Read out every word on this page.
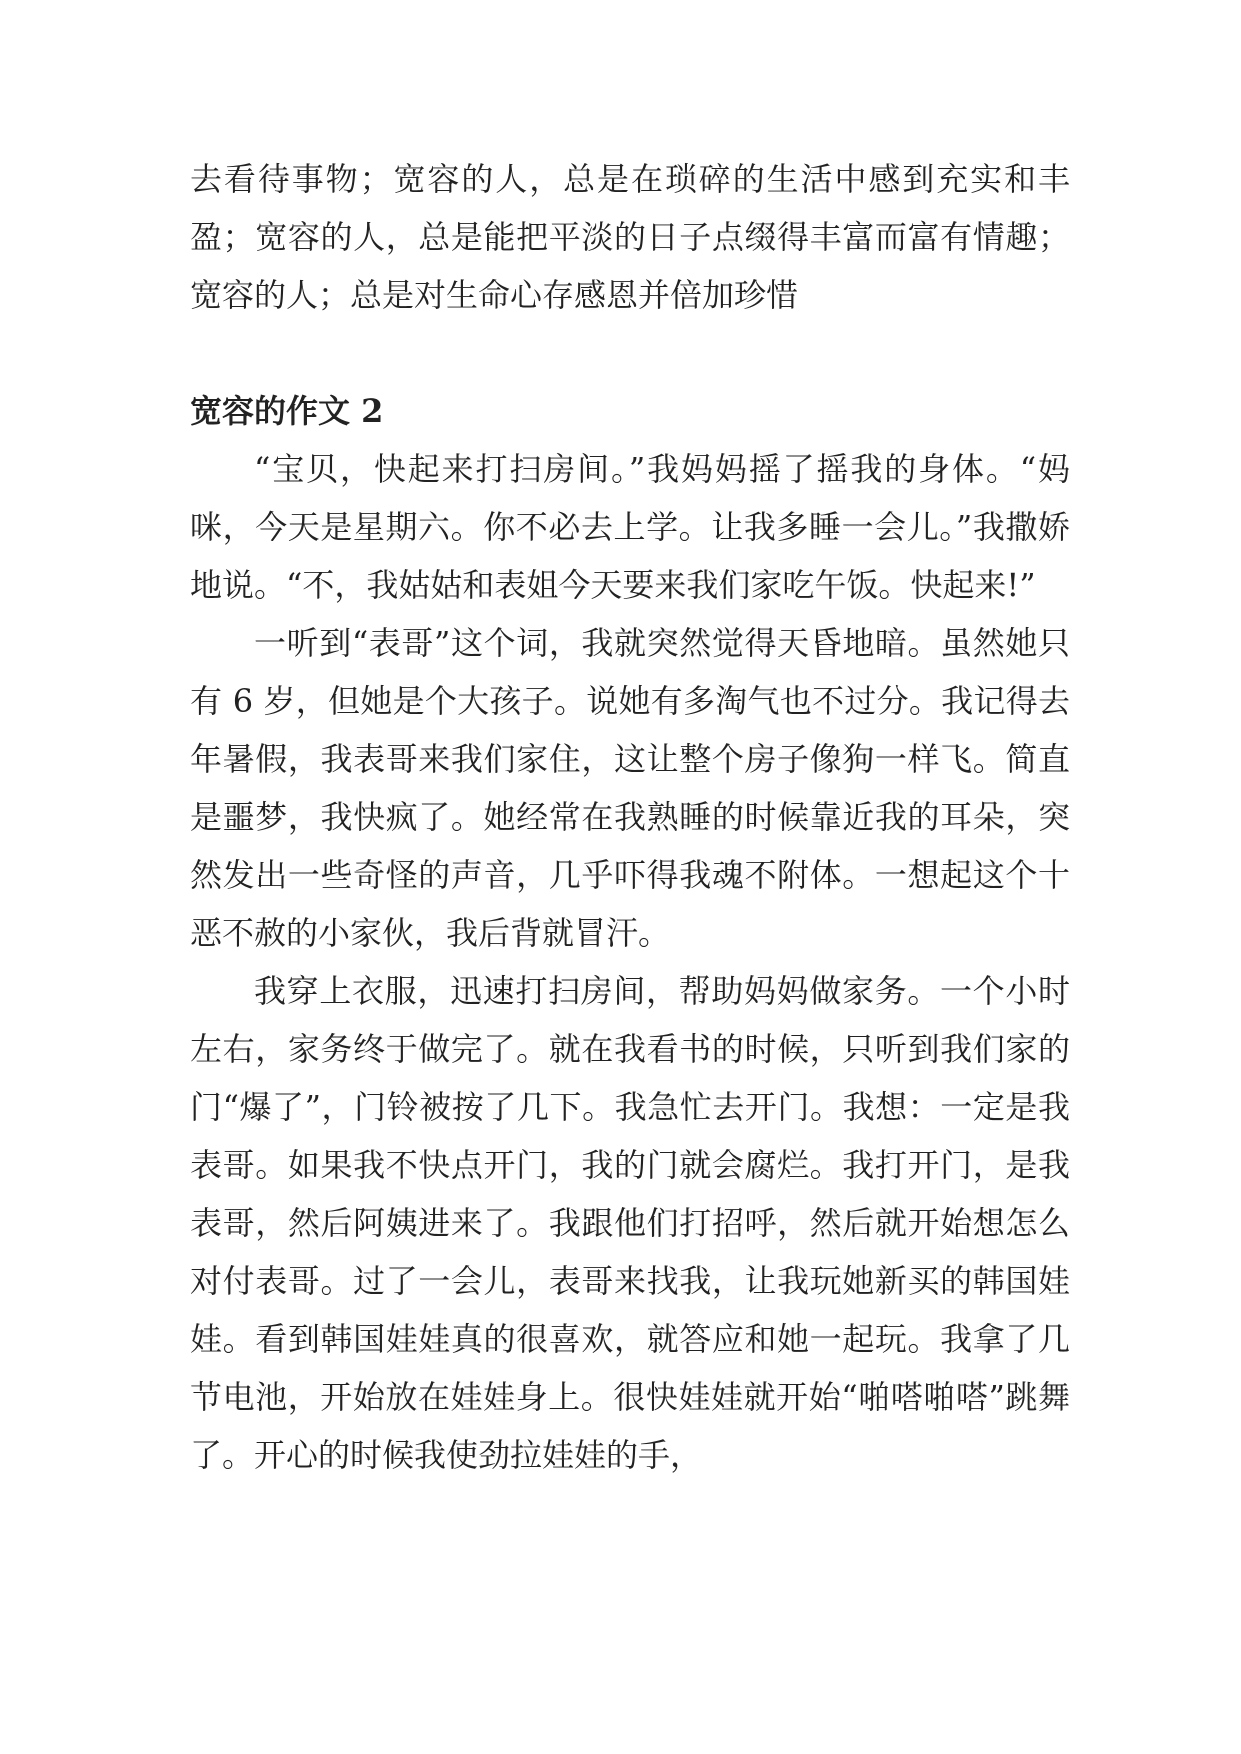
去看待事物；宽容的人，总是在琐碎的生活中感到充实和丰盈；宽容的人，总是能把平淡的日子点缀得丰富而富有情趣；宽容的人；总是对生命心存感恩并倍加珍惜

宽容的作文 2

“宝贝，快起来打扫房间。”我妈妈摇了摇我的身体。“妈咪，今天是星期六。你不必去上学。让我多睡一会儿。”我撒娇地说。“不，我姑姑和表姐今天要来我们家吃午饭。快起来!”

一听到“表哥”这个词，我就突然觉得天昏地暗。虽然她只有 6 岁，但她是个大孩子。说她有多淘气也不过分。我记得去年暑假，我表哥来我们家住，这让整个房子像狗一样飞。简直是噩梦，我快疯了。她经常在我熟睡的时候靠近我的耳朵，突然发出一些奇怪的声音，几乎吓得我魂不附体。一想起这个十恶不赦的小家伙，我后背就冒汗。

我穿上衣服，迅速打扫房间，帮助妈妈做家务。一个小时左右，家务终于做完了。就在我看书的时候，只听到我们家的门“爆了”，门铃被按了几下。我急忙去开门。我想：一定是我表哥。如果我不快点开门，我的门就会腐烂。我打开门，是我表哥，然后阿姨进来了。我跟他们打招呼，然后就开始想怎么对付表哥。过了一会儿，表哥来找我，让我玩她新买的韩国娃娃。看到韩国娃娃真的很喜欢，就答应和她一起玩。我拿了几节电池，开始放在娃娃身上。很快娃娃就开始“啪嗒啪嗒”跳舞了。开心的时候我使劲拉娃娃的手，
